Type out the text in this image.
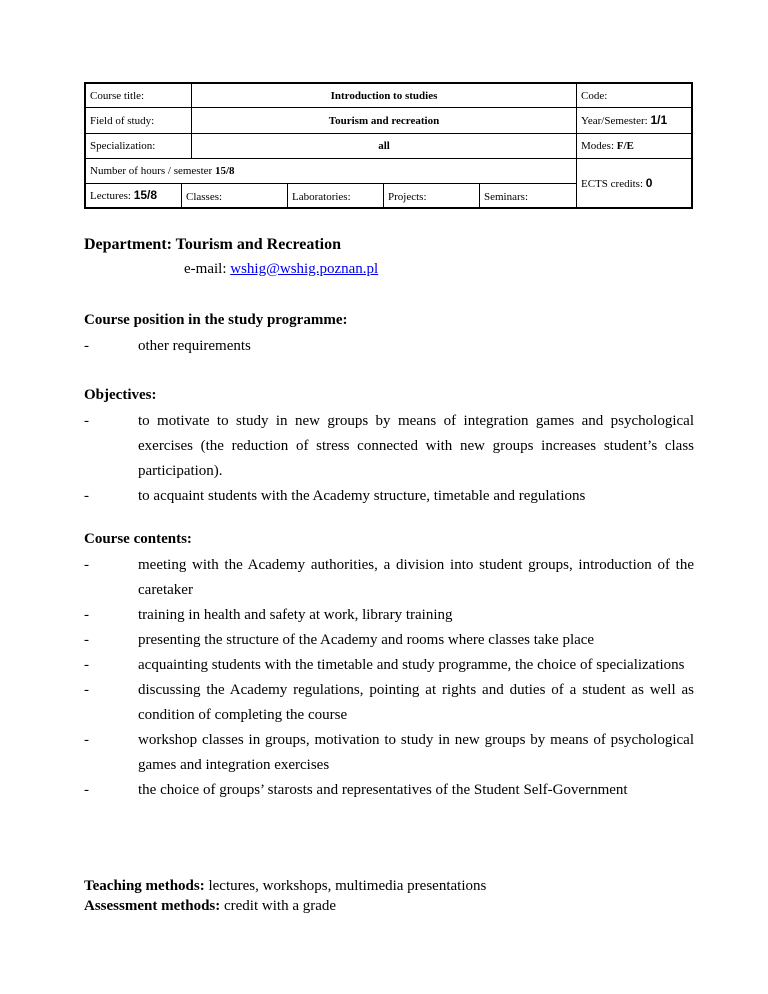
Course title:	Introduction to studies	Code:
Field of study:	Tourism and recreation	Year/Semester: 1/1
Specialization:	all	Modes: F/E
Number of hours / semester 15/8
ECTS credits: 0
Lectures: 15/8	Classes:	Laboratories:	Projects:	Seminars:
Department: Tourism and Recreation
e-mail: wshig@wshig.poznan.pl
Course position in the study programme:
-	other requirements
Objectives:
-	to motivate to study in new groups by means of integration games and psychological exercises (the reduction of stress connected with new groups increases student’s class participation).
-	to acquaint students with the Academy structure, timetable and regulations
Course contents:
-	meeting with the Academy authorities, a division into student groups, introduction of the caretaker
-	training in health and safety at work, library training
-	presenting the structure of the Academy and rooms where classes take place
-	acquainting students with the timetable and study programme, the choice of specializations
-	discussing the Academy regulations, pointing at rights and duties of a student as well as condition of completing the course
-	workshop classes in groups, motivation to study in new groups by means of psychological games and integration exercises
-	the choice of groups’ starosts and representatives of the Student Self-Government
Teaching methods: lectures, workshops, multimedia presentations
Assessment methods: credit with a grade
